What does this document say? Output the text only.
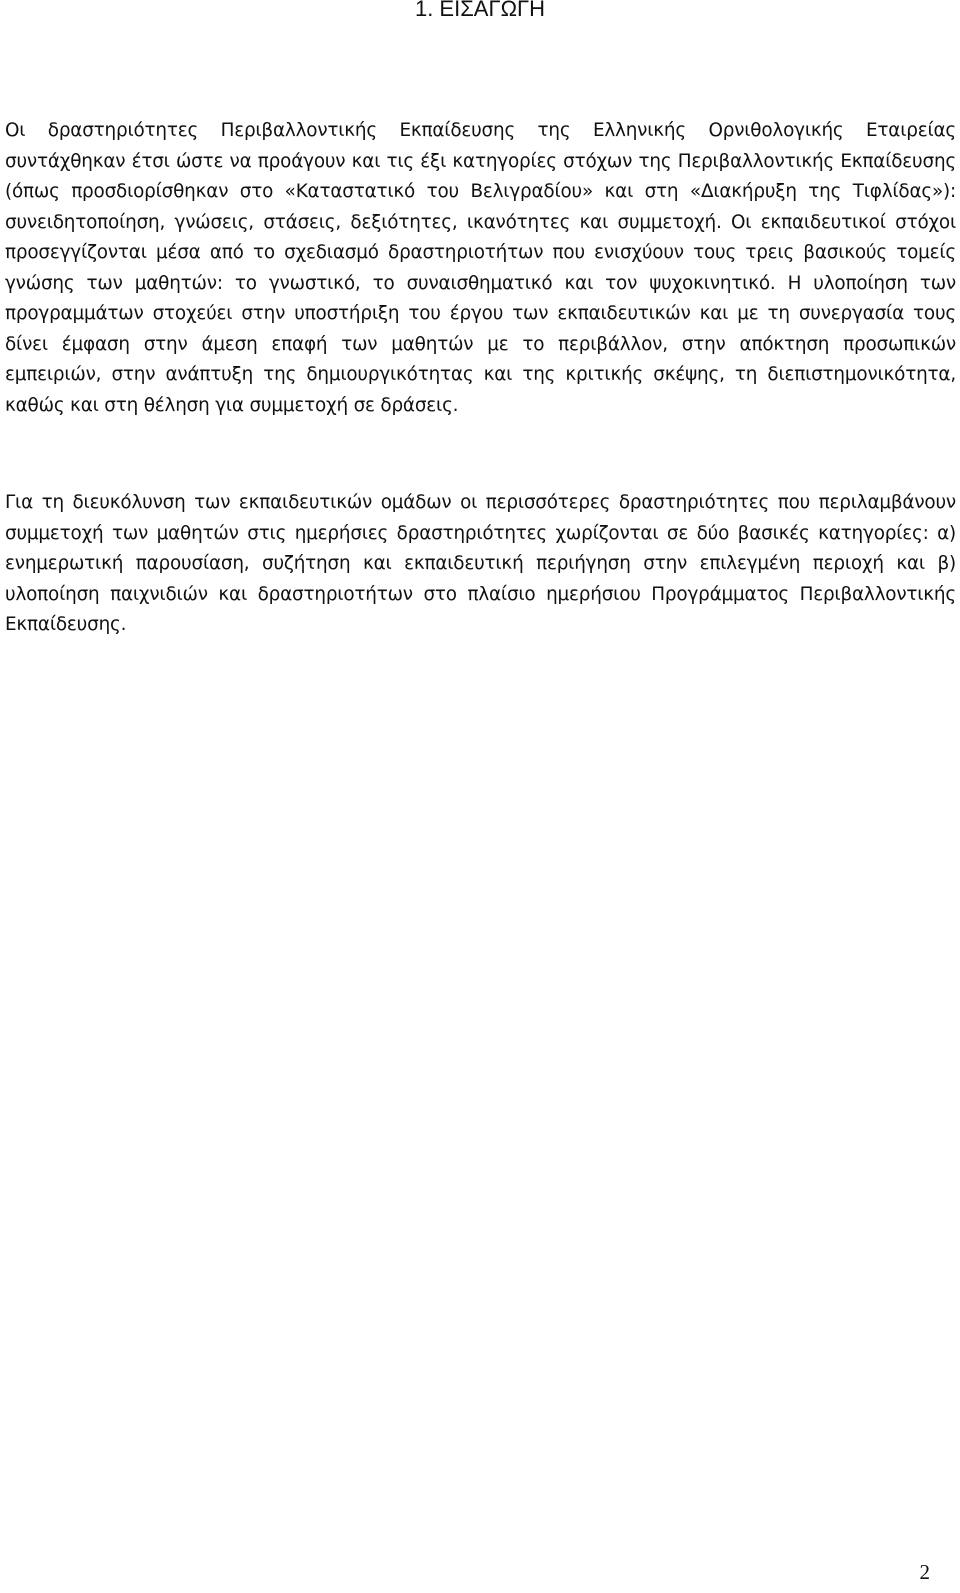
1. ΕΙΣΑΓΩΓΗ

Οι δραστηριότητες Περιβαλλοντικής Εκπαίδευσης της Ελληνικής Ορνιθολογικής Εταιρείας συντάχθηκαν έτσι ώστε να προάγουν και τις έξι κατηγορίες στόχων της Περιβαλλοντικής Εκπαίδευσης (όπως προσδιορίσθηκαν στο «Καταστατικό του Βελιγραδίου» και στη «Διακήρυξη της Τιφλίδας»): συνειδητοποίηση, γνώσεις, στάσεις, δεξιότητες, ικανότητες και συμμετοχή. Οι εκπαιδευτικοί στόχοι προσεγγίζονται μέσα από το σχεδιασμό δραστηριοτήτων που ενισχύουν τους τρεις βασικούς τομείς γνώσης των μαθητών: το γνωστικό, το συναισθηματικό και τον ψυχοκινητικό. Η υλοποίηση των προγραμμάτων στοχεύει στην υποστήριξη του έργου των εκπαιδευτικών και με τη συνεργασία τους δίνει έμφαση στην άμεση επαφή των μαθητών με το περιβάλλον, στην απόκτηση προσωπικών εμπειριών, στην ανάπτυξη της δημιουργικότητας και της κριτικής σκέψης, τη διεπιστημονικότητα, καθώς και στη θέληση για συμμετοχή σε δράσεις.

Για τη διευκόλυνση των εκπαιδευτικών ομάδων οι περισσότερες δραστηριότητες που περιλαμβάνουν συμμετοχή των μαθητών στις ημερήσιες δραστηριότητες χωρίζονται σε δύο βασικές κατηγορίες: α) ενημερωτική παρουσίαση, συζήτηση και εκπαιδευτική περιήγηση στην επιλεγμένη περιοχή και β) υλοποίηση παιχνιδιών και δραστηριοτήτων στο πλαίσιο ημερήσιου Προγράμματος Περιβαλλοντικής Εκπαίδευσης.

2
